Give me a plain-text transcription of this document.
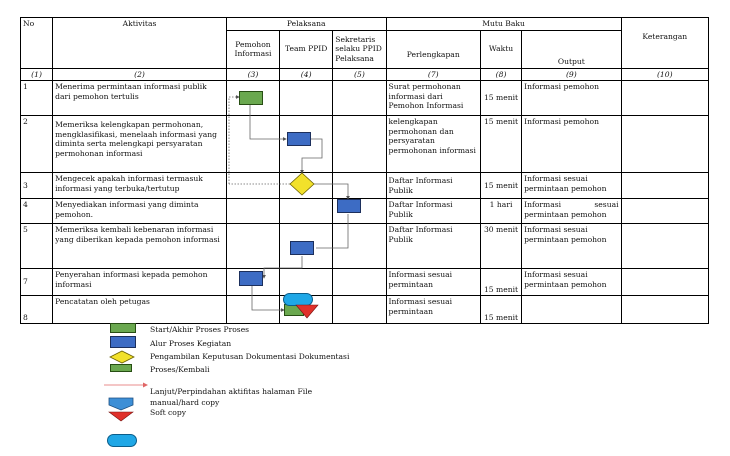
No	Aktivitas	Pelaksana			Mutu Baku			Keterangan
		Pemohon Informasi	Team PPID	Sekretaris selaku PPID Pelaksana	Perlengkapan	Waktu	Output	
(1)	(2)	(3)	(4)	(5)	(7)	(8)	(9)	(10)
1	Menerima permintaan informasi publik dari pemohon tertulis				Surat permohonan informasi dari Pemohon Informasi	15 menit	Informasi pemohon	
2	Memeriksa kelengkapan permohonan, mengklasifikasi, menelaah informasi yang diminta serta melengkapi persyaratan permohonan informasi				kelengkapan permohonan dan persyaratan permohonan informasi	15 menit	Informasi pemohon	
3	Mengecek apakah informasi termasuk informasi yang terbuka/tertutup				Daftar Informasi Publik	15 menit	Informasi sesuai permintaan pemohon	
4	Menyediakan informasi yang diminta pemohon.				Daftar Informasi Publik	1 hari	Informasi sesuai permintaan pemohon	
5	Memeriksa kembali kebenaran informasi yang diberikan kepada pemohon informasi				Daftar Informasi Publik	30 menit	Informasi sesuai permintaan pemohon	
7	Penyerahan informasi kepada pemohon informasi				Informasi sesuai permintaan	15 menit	Informasi sesuai permintaan pemohon	
8	Pencatatan oleh petugas				Informasi sesuai permintaan	15 menit		
Start/Akhir Proses Proses
Alur Proses Kegiatan
Pengambilan Keputusan Dokumentasi Dokumentasi
Proses/Kembali
Lanjut/Perpindahan aktifitas halaman File
manual/hard copy
Soft copy
